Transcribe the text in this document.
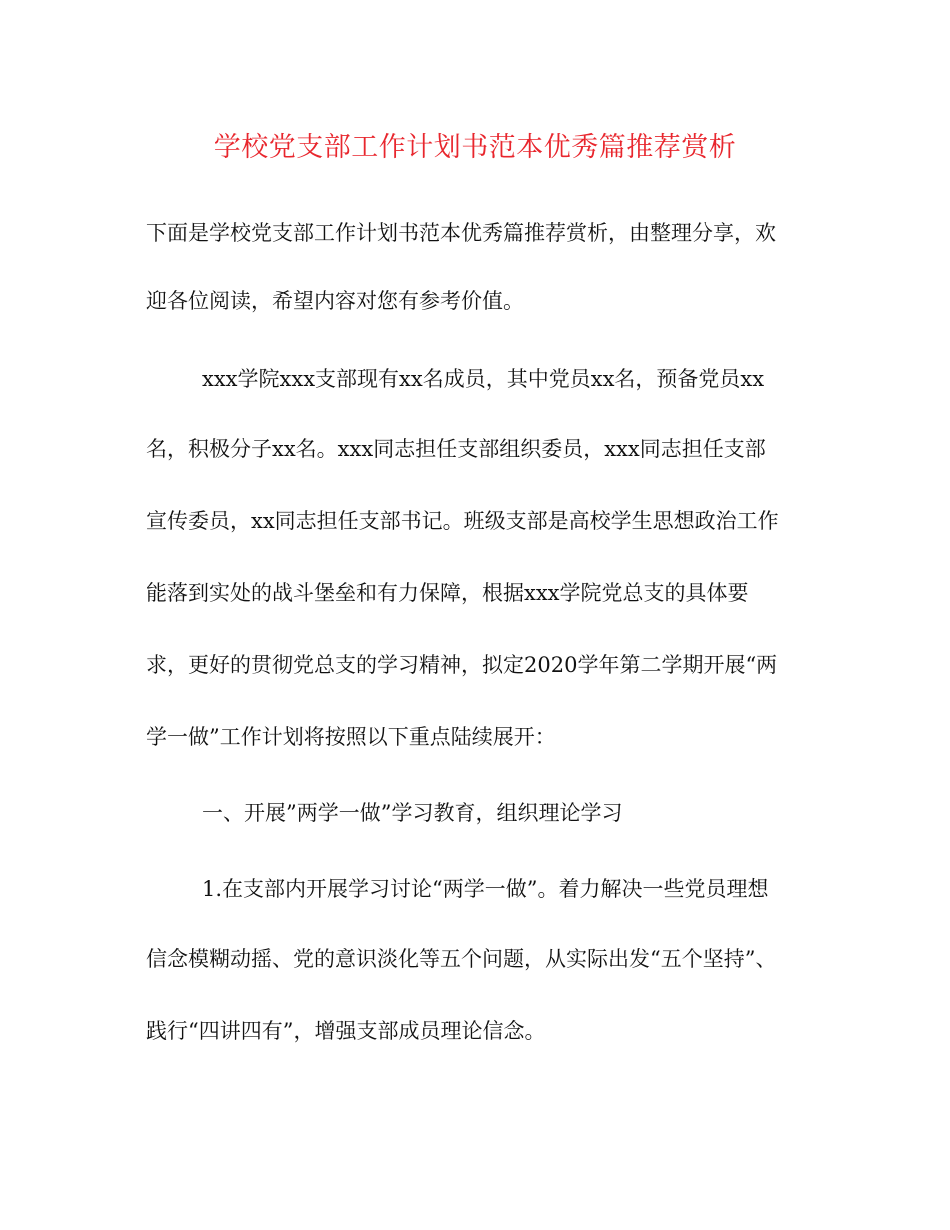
学校党支部工作计划书范本优秀篇推荐赏析

下面是学校党支部工作计划书范本优秀篇推荐赏析，由整理分享，欢

迎各位阅读，希望内容对您有参考价值。

xxx学院xxx支部现有xx名成员，其中党员xx名，预备党员xx

名，积极分子xx名。xxx同志担任支部组织委员，xxx同志担任支部

宣传委员，xx同志担任支部书记。班级支部是高校学生思想政治工作

能落到实处的战斗堡垒和有力保障，根据xxx学院党总支的具体要

求，更好的贯彻党总支的学习精神，拟定2020学年第二学期开展“两

学一做”工作计划将按照以下重点陆续展开：

一、开展”两学一做”学习教育，组织理论学习

1.在支部内开展学习讨论“两学一做”。着力解决一些党员理想

信念模糊动摇、党的意识淡化等五个问题，从实际出发“五个坚持”、

践行“四讲四有”，增强支部成员理论信念。
